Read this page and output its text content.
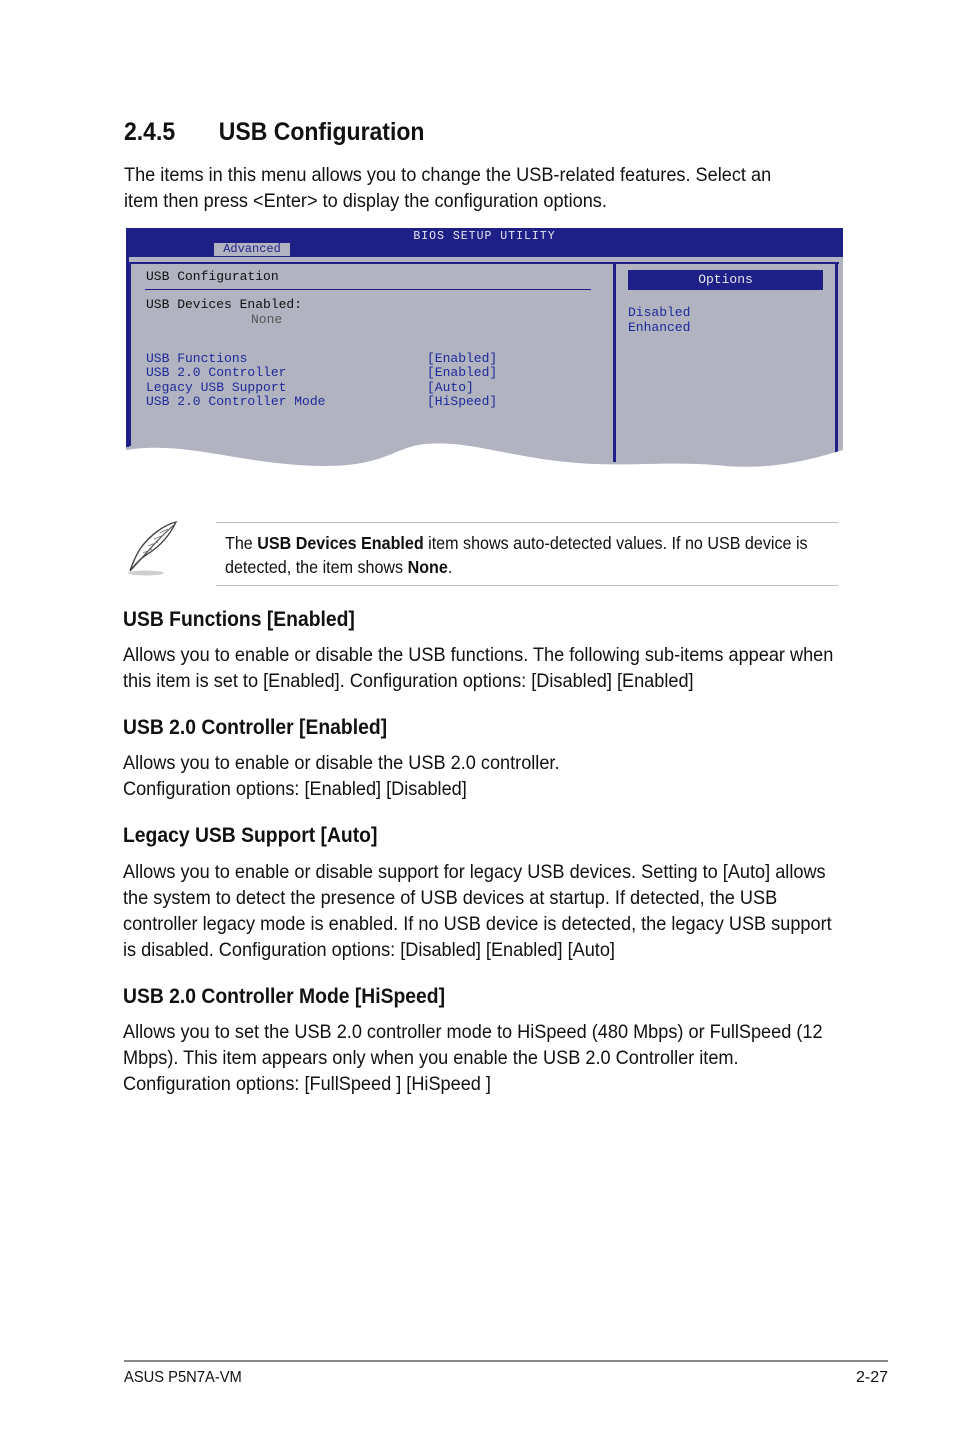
2.4.5 USB Configuration

The items in this menu allows you to change the USB-related features. Select an item then press <Enter> to display the configuration options.

BIOS SETUP UTILITY
Advanced
USB Configuration
USB Devices Enabled:
None
USB Functions	[Enabled]
USB 2.0 Controller	[Enabled]
Legacy USB Support	[Auto]
USB 2.0 Controller Mode	[HiSpeed]
Options
Disabled
Enhanced

The USB Devices Enabled item shows auto-detected values. If no USB device is detected, the item shows None.

USB Functions [Enabled]

Allows you to enable or disable the USB functions. The following sub-items appear when this item is set to [Enabled]. Configuration options: [Disabled] [Enabled]

USB 2.0 Controller [Enabled]

Allows you to enable or disable the USB 2.0 controller.
Configuration options: [Enabled] [Disabled]

Legacy USB Support [Auto]

Allows you to enable or disable support for legacy USB devices. Setting to [Auto] allows the system to detect the presence of USB devices at startup. If detected, the USB controller legacy mode is enabled. If no USB device is detected, the legacy USB support is disabled. Configuration options: [Disabled] [Enabled] [Auto]

USB 2.0 Controller Mode [HiSpeed]

Allows you to set the USB 2.0 controller mode to HiSpeed (480 Mbps) or FullSpeed (12 Mbps). This item appears only when you enable the USB 2.0 Controller item. Configuration options: [FullSpeed ] [HiSpeed ]

ASUS P5N7A-VM	2-27
